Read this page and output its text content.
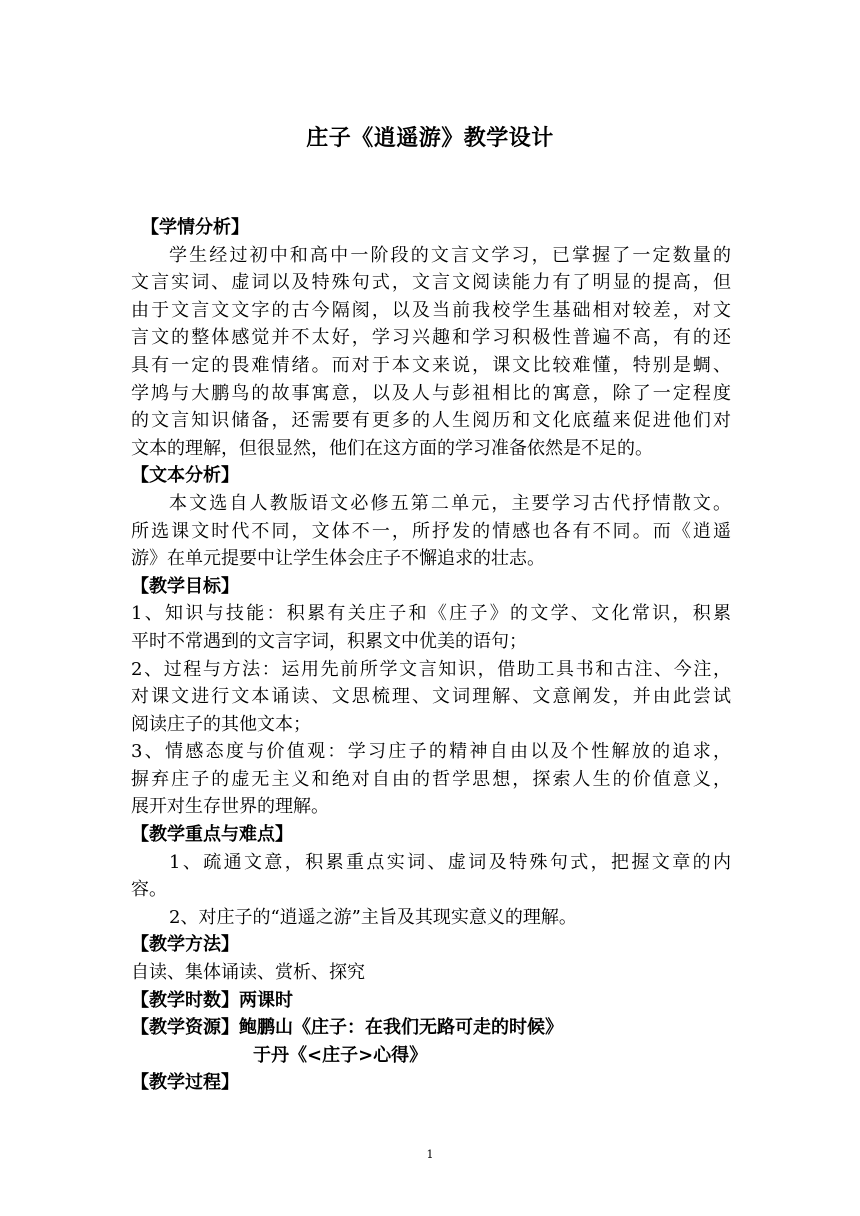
庄子《逍遥游》教学设计
【学情分析】
学生经过初中和高中一阶段的文言文学习，已掌握了一定数量的
文言实词、虚词以及特殊句式，文言文阅读能力有了明显的提高，但
由于文言文文字的古今隔阂，以及当前我校学生基础相对较差，对文
言文的整体感觉并不太好，学习兴趣和学习积极性普遍不高，有的还
具有一定的畏难情绪。而对于本文来说，课文比较难懂，特别是蜩、
学鸠与大鹏鸟的故事寓意，以及人与彭祖相比的寓意，除了一定程度
的文言知识储备，还需要有更多的人生阅历和文化底蕴来促进他们对
文本的理解，但很显然，他们在这方面的学习准备依然是不足的。
【文本分析】
本文选自人教版语文必修五第二单元，主要学习古代抒情散文。
所选课文时代不同，文体不一，所抒发的情感也各有不同。而《逍遥
游》在单元提要中让学生体会庄子不懈追求的壮志。
【教学目标】
1、知识与技能：积累有关庄子和《庄子》的文学、文化常识，积累
平时不常遇到的文言字词，积累文中优美的语句；
2、过程与方法：运用先前所学文言知识，借助工具书和古注、今注，
对课文进行文本诵读、文思梳理、文词理解、文意阐发，并由此尝试
阅读庄子的其他文本；
3、情感态度与价值观：学习庄子的精神自由以及个性解放的追求，
摒弃庄子的虚无主义和绝对自由的哲学思想，探索人生的价值意义，
展开对生存世界的理解。
【教学重点与难点】
1、疏通文意，积累重点实词、虚词及特殊句式，把握文章的内
容。
2、对庄子的“逍遥之游”主旨及其现实意义的理解。
【教学方法】
自读、集体诵读、赏析、探究
【教学时数】两课时
【教学资源】鲍鹏山《庄子：在我们无路可走的时候》
于丹《<庄子>心得》
【教学过程】
1
